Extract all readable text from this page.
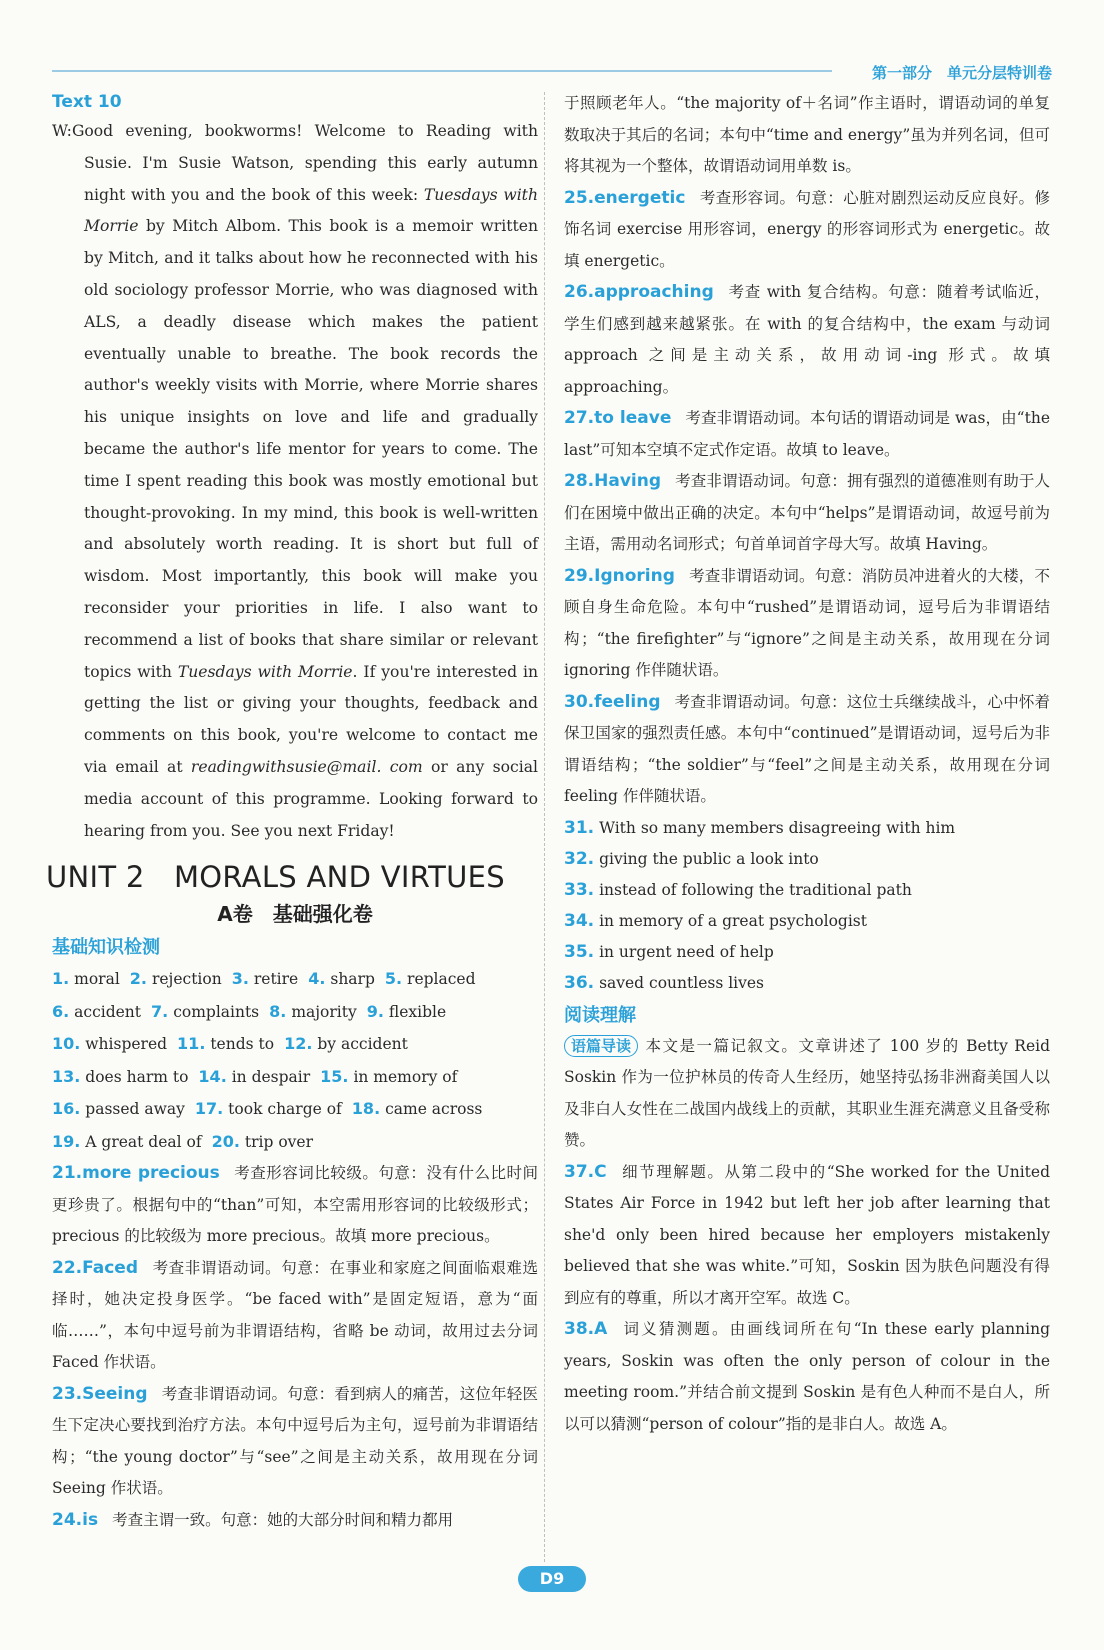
第一部分　单元分层特训卷
Text 10

W:Good evening, bookworms! Welcome to Reading with Susie. I'm Susie Watson, spending this early autumn night with you and the book of this week: Tuesdays with Morrie by Mitch Albom. This book is a memoir written by Mitch, and it talks about how he reconnected with his old sociology professor Morrie, who was diagnosed with ALS, a deadly disease which makes the patient eventually unable to breathe. The book records the author's weekly visits with Morrie, where Morrie shares his unique insights on love and life and gradually became the author's life mentor for years to come. The time I spent reading this book was mostly emotional but thought-provoking. In my mind, this book is well-written and absolutely worth reading. It is short but full of wisdom. Most importantly, this book will make you reconsider your priorities in life. I also want to recommend a list of books that share similar or relevant topics with Tuesdays with Morrie. If you're interested in getting the list or giving your thoughts, feedback and comments on this book, you're welcome to contact me via email at readingwithsusie@mail. com or any social media account of this programme. Looking forward to hearing from you. See you next Friday!

UNIT 2　MORALS AND VIRTUES
A卷　基础强化卷
基础知识检测
1. moral 2. rejection 3. retire 4. sharp 5. replaced6. accident 7. complaints 8. majority 9. flexible10. whispered 11. tends to 12. by accident13. does harm to 14. in despair 15. in memory of16. passed away 17. took charge of 18. came across19. A great deal of 20. trip over

21.more precious 考查形容词比较级。句意：没有什么比时间更珍贵了。根据句中的“than”可知，本空需用形容词的比较级形式；precious 的比较级为 more precious。故填 more precious。

22.Faced 考查非谓语动词。句意：在事业和家庭之间面临艰难选择时，她决定投身医学。“be faced with”是固定短语，意为“面临……”，本句中逗号前为非谓语结构，省略 be 动词，故用过去分词 Faced 作状语。

23.Seeing 考查非谓语动词。句意：看到病人的痛苦，这位年轻医生下定决心要找到治疗方法。本句中逗号后为主句，逗号前为非谓语结构；“the young doctor”与“see”之间是主动关系，故用现在分词 Seeing 作状语。

24.is 考查主谓一致。句意：她的大部分时间和精力都用

于照顾老年人。“the majority of＋名词”作主语时，谓语动词的单复数取决于其后的名词；本句中“time and energy”虽为并列名词，但可将其视为一个整体，故谓语动词用单数 is。

25.energetic 考查形容词。句意：心脏对剧烈运动反应良好。修饰名词 exercise 用形容词，energy 的形容词形式为 energetic。故填 energetic。

26.approaching 考查 with 复合结构。句意：随着考试临近，学生们感到越来越紧张。在 with 的复合结构中，the exam 与动词 approach 之间是主动关系，故用动词-ing 形式。故填 approaching。

27.to leave 考查非谓语动词。本句话的谓语动词是 was，由“the last”可知本空填不定式作定语。故填 to leave。

28.Having 考查非谓语动词。句意：拥有强烈的道德准则有助于人们在困境中做出正确的决定。本句中“helps”是谓语动词，故逗号前为主语，需用动名词形式；句首单词首字母大写。故填 Having。

29.Ignoring 考查非谓语动词。句意：消防员冲进着火的大楼，不顾自身生命危险。本句中“rushed”是谓语动词，逗号后为非谓语结构；“the firefighter”与“ignore”之间是主动关系，故用现在分词 ignoring 作伴随状语。

30.feeling 考查非谓语动词。句意：这位士兵继续战斗，心中怀着保卫国家的强烈责任感。本句中“continued”是谓语动词，逗号后为非谓语结构；“the soldier”与“feel”之间是主动关系，故用现在分词 feeling 作伴随状语。

31. With so many members disagreeing with him

32. giving the public a look into

33. instead of following the traditional path

34. in memory of a great psychologist

35. in urgent need of help

36. saved countless lives

阅读理解

语篇导读 本文是一篇记叙文。文章讲述了 100 岁的 Betty Reid Soskin 作为一位护林员的传奇人生经历，她坚持弘扬非洲裔美国人以及非白人女性在二战国内战线上的贡献，其职业生涯充满意义且备受称赞。

37.C 细节理解题。从第二段中的“She worked for the United States Air Force in 1942 but left her job after learning that she'd only been hired because her employers mistakenly believed that she was white.”可知，Soskin 因为肤色问题没有得到应有的尊重，所以才离开空军。故选 C。

38.A 词义猜测题。由画线词所在句“In these early planning years, Soskin was often the only person of colour in the meeting room.”并结合前文提到 Soskin 是有色人种而不是白人，所以可以猜测“person of colour”指的是非白人。故选 A。

D9
